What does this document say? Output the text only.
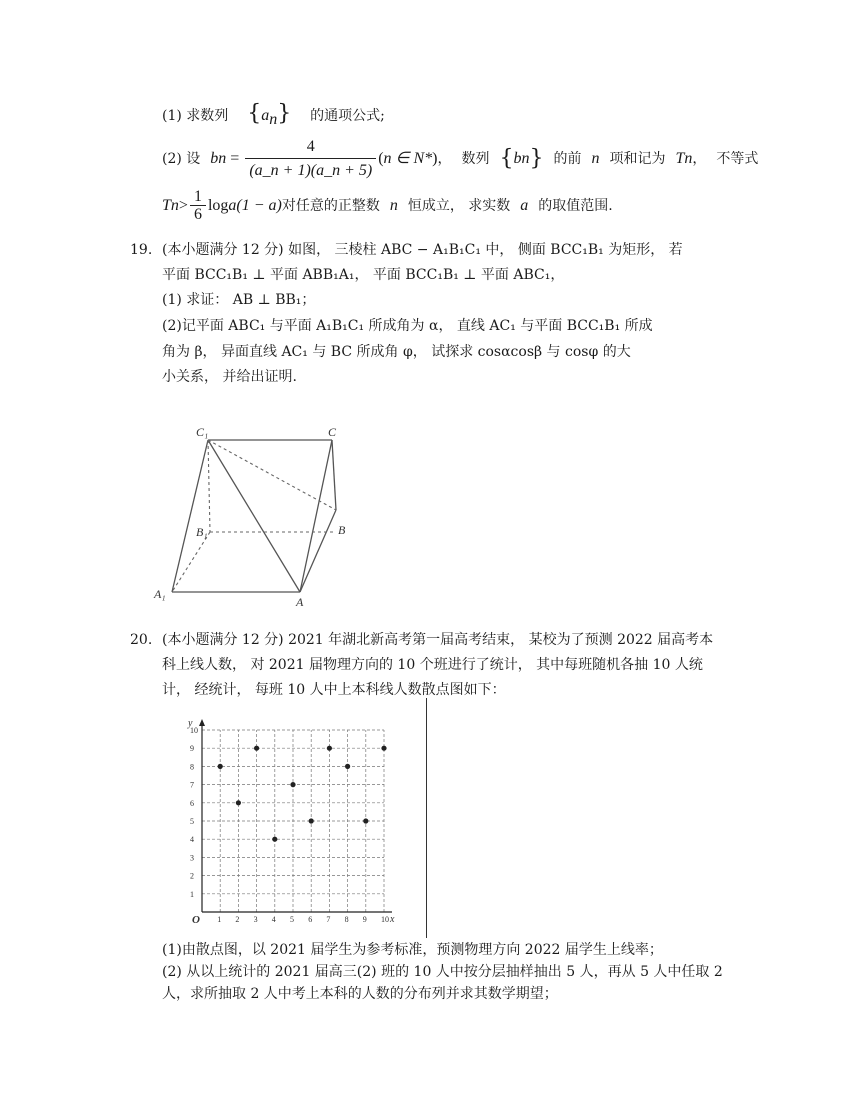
(1) 求数列 $\{a_n\}$ 的通项公式;
(2) 设 b $n = \frac{4}{(a\_n + 1)(a\_n + 5)}$ ( n ∈ N* ) ， 数列 { b n } 的前 n 项和记为 T n ， 不等式
T $n > \frac{1}{6}$ log a (1 − a) 对任意的正整数 n 恒成立， 求实数 a 的取值范围.
19. (本小题满分 12 分) 如图， 三棱柱 ABC − A₁B₁C₁ 中， 侧面 BCC₁B₁ 为矩形， 若
平面 BCC₁B₁ ⊥ 平面 ABB₁A₁， 平面 BCC₁B₁ ⊥ 平面 ABC₁，
(1) 求证： AB ⊥ BB₁；
(2)记平面 ABC₁ 与平面 A₁B₁C₁ 所成角为 α， 直线 AC₁ 与平面 BCC₁B₁ 所成
角为 β， 异面直线 AC₁ 与 BC 所成角 φ， 试探求 cosαcosβ 与 cosφ 的大
小关系， 并给出证明.
C₁	C
B₁	B
A₁
A
20. (本小题满分 12 分) 2021 年湖北新高考第一届高考结束， 某校为了预测 2022 届高考本
科上线人数， 对 2021 届物理方向的 10 个班进行了统计， 其中每班随机各抽 10 人统
计， 经统计， 每班 10 人中上本科线人数散点图如下：
1 2 3 4 5 6 7 8 9 10
1
2
3
4
5
6
7
8
9
10
O	x
y
(1)由散点图，以 2021 届学生为参考标准，预测物理方向 2022 届学生上线率；
(2) 从以上统计的 2021 届高三(2) 班的 10 人中按分层抽样抽出 5 人，再从 5 人中任取 2
人，求所抽取 2 人中考上本科的人数的分布列并求其数学期望；
